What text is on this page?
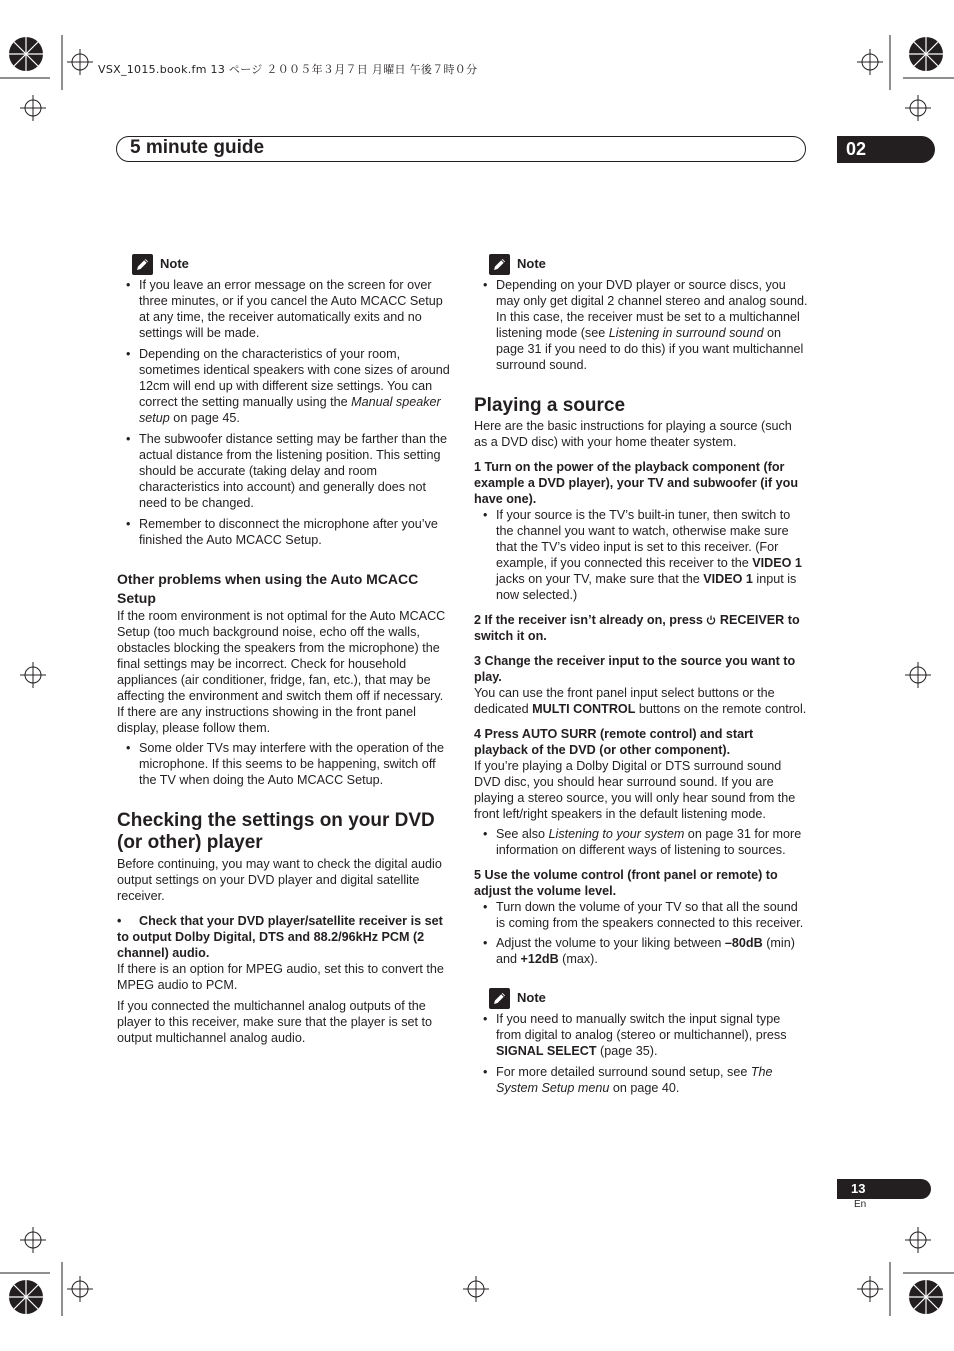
VSX_1015.book.fm 13 ページ ２００５年３月７日 月曜日 午後７時０分
5 minute guide	02
Note
• If you leave an error message on the screen for over three minutes, or if you cancel the Auto MCACC Setup at any time, the receiver automatically exits and no settings will be made.
• Depending on the characteristics of your room, sometimes identical speakers with cone sizes of around 12cm will end up with different size settings. You can correct the setting manually using the Manual speaker setup on page 45.
• The subwoofer distance setting may be farther than the actual distance from the listening position. This setting should be accurate (taking delay and room characteristics into account) and generally does not need to be changed.
• Remember to disconnect the microphone after you’ve finished the Auto MCACC Setup.
Other problems when using the Auto MCACC Setup

If the room environment is not optimal for the Auto MCACC Setup (too much background noise, echo off the walls, obstacles blocking the speakers from the microphone) the final settings may be incorrect. Check for household appliances (air conditioner, fridge, fan, etc.), that may be affecting the environment and switch them off if necessary. If there are any instructions showing in the front panel display, please follow them.

• Some older TVs may interfere with the operation of the microphone. If this seems to be happening, switch off the TV when doing the Auto MCACC Setup.
Checking the settings on your DVD (or other) player

Before continuing, you may want to check the digital audio output settings on your DVD player and digital satellite receiver.

• Check that your DVD player/satellite receiver is set to output Dolby Digital, DTS and 88.2/96kHz PCM (2 channel) audio.

If there is an option for MPEG audio, set this to convert the MPEG audio to PCM.

If you connected the multichannel analog outputs of the player to this receiver, make sure that the player is set to output multichannel analog audio.

Note
• Depending on your DVD player or source discs, you may only get digital 2 channel stereo and analog sound. In this case, the receiver must be set to a multichannel listening mode (see Listening in surround sound on page 31 if you need to do this) if you want multichannel surround sound.
Playing a source

Here are the basic instructions for playing a source (such as a DVD disc) with your home theater system.

1 Turn on the power of the playback component (for example a DVD player), your TV and subwoofer (if you have one).

• If your source is the TV’s built-in tuner, then switch to the channel you want to watch, otherwise make sure that the TV’s video input is set to this receiver. (For example, if you connected this receiver to the VIDEO 1 jacks on your TV, make sure that the VIDEO 1 input is now selected.)

2 If the receiver isn’t already on, press  RECEIVER to switch it on.

3 Change the receiver input to the source you want to play.

You can use the front panel input select buttons or the dedicated MULTI CONTROL buttons on the remote control.

4 Press AUTO SURR (remote control) and start playback of the DVD (or other component).

If you’re playing a Dolby Digital or DTS surround sound DVD disc, you should hear surround sound. If you are playing a stereo source, you will only hear sound from the front left/right speakers in the default listening mode.

• See also Listening to your system on page 31 for more information on different ways of listening to sources.

5 Use the volume control (front panel or remote) to adjust the volume level.

• Turn down the volume of your TV so that all the sound is coming from the speakers connected to this receiver.
• Adjust the volume to your liking between –80dB (min) and +12dB (max).
Note
• If you need to manually switch the input signal type from digital to analog (stereo or multichannel), press SIGNAL SELECT (page 35).
• For more detailed surround sound setup, see The System Setup menu on page 40.
13
En
